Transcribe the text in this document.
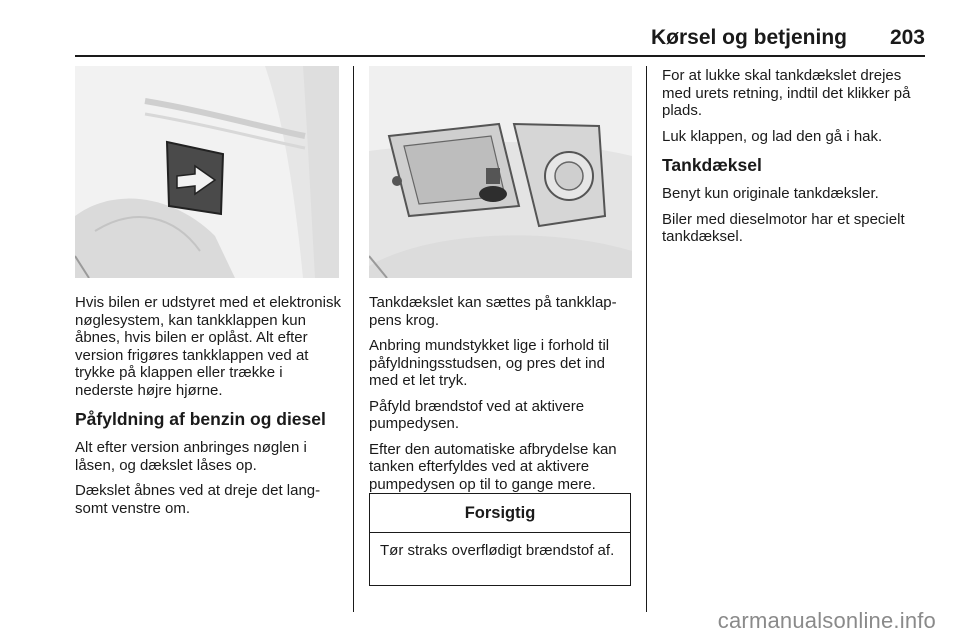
Kørsel og betjening 203

Hvis bilen er udstyret med et elektronisk nøglesystem, kan tankklappen kun åbnes, hvis bilen er oplåst. Alt efter version frigøres tankklappen ved at trykke på klappen eller trække i nederste højre hjørne.

Påfyldning af benzin og diesel

Alt efter version anbringes nøglen i låsen, og dækslet låses op.

Dækslet åbnes ved at dreje det langsomt venstre om.

Tankdækslet kan sættes på tankklappens krog.

Anbring mundstykket lige i forhold til påfyldningsstudsen, og pres det ind med et let tryk.

Påfyld brændstof ved at aktivere pumpedysen.

Efter den automatiske afbrydelse kan tanken efterfyldes ved at aktivere pumpedysen op til to gange mere.

Forsigtig
Tør straks overflødigt brændstof af.

For at lukke skal tankdækslet drejes med urets retning, indtil det klikker på plads.

Luk klappen, og lad den gå i hak.

Tankdæksel

Benyt kun originale tankdæksler.

Biler med dieselmotor har et specielt tankdæksel.

carmanualsonline.info
